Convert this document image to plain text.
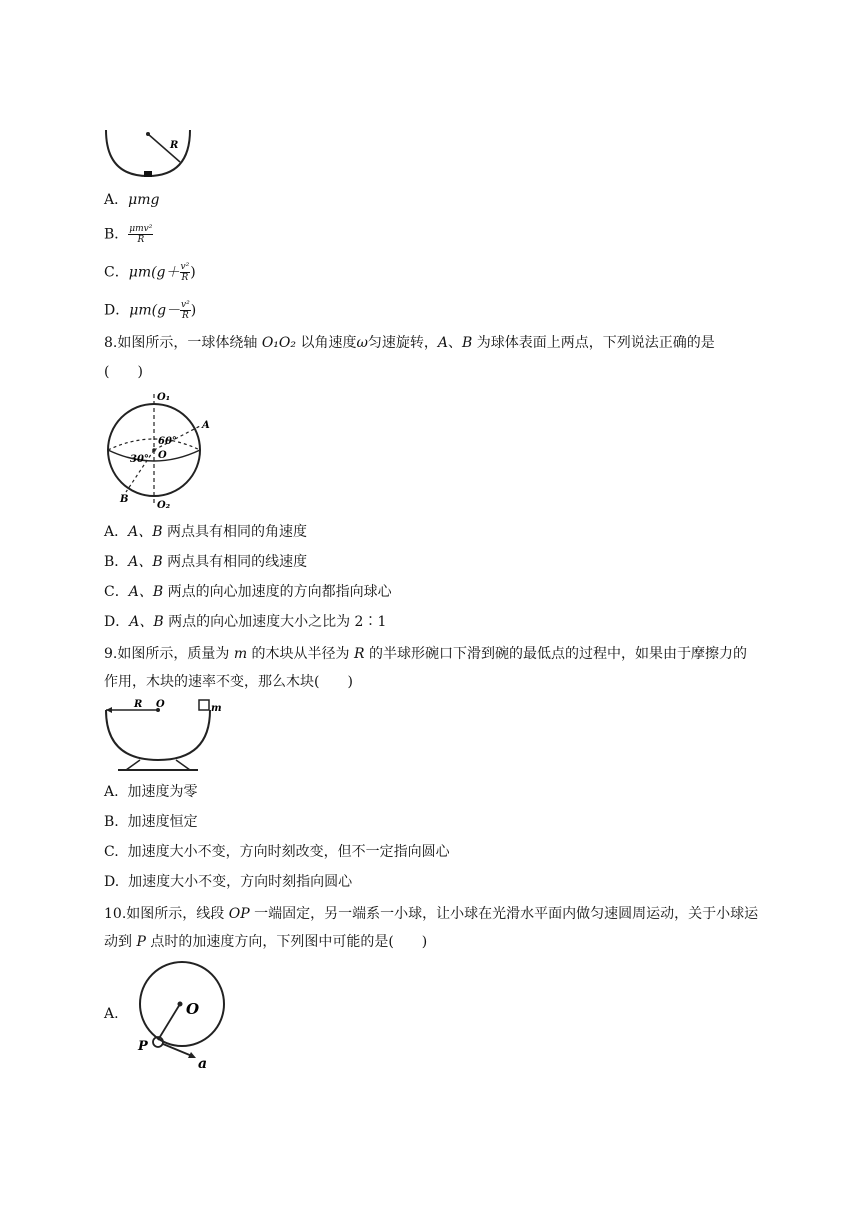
R
A．μmg
B． $\frac{\text{μmv²}}{R}$
C．$\mu m(g+ \frac{\text{v²}}{R}$ )
D．$\mu m(g- \frac{\text{v²}}{R}$ )
8.如图所示，一球体绕轴 O₁O₂ 以角速度ω匀速旋转，A、B 为球体表面上两点，下列说法正确的是
(　　)
O₁
O₂
A
B
O
60°
30°
A．A、B 两点具有相同的角速度
B．A、B 两点具有相同的线速度
C．A、B 两点的向心加速度的方向都指向球心
D．A、B 两点的向心加速度大小之比为 2∶1
9.如图所示，质量为 m 的木块从半径为 R 的半球形碗口下滑到碗的最低点的过程中，如果由于摩擦力的作用，木块的速率不变，那么木块(　　)
R O	m
A. 加速度为零
B. 加速度恒定
C. 加速度大小不变，方向时刻改变，但不一定指向圆心
D. 加速度大小不变，方向时刻指向圆心
10.如图所示，线段 OP 一端固定，另一端系一小球，让小球在光滑水平面内做匀速圆周运动，关于小球运动到 P 点时的加速度方向，下列图中可能的是(　　)
A.	O
P
a
